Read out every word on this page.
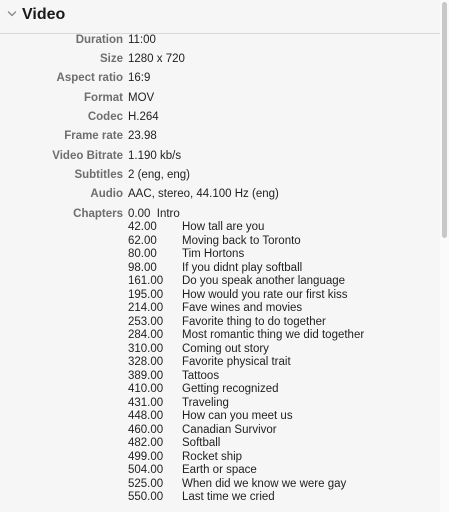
Video
Duration 11:00
Size 1280 x 720
Aspect ratio 16:9
Format MOV
Codec H.264
Frame rate 23.98
Video Bitrate 1.190 kb/s
Subtitles 2 (eng, eng)
Audio AAC, stereo, 44.100 Hz (eng)
Chapters 0.00  Intro
42.00 How tall are you
62.00 Moving back to Toronto
80.00 Tim Hortons
98.00 If you didnt play softball
161.00 Do you speak another language
195.00 How would you rate our first kiss
214.00 Fave wines and movies
253.00 Favorite thing to do together
284.00 Most romantic thing we did together
310.00 Coming out story
328.00 Favorite physical trait
389.00 Tattoos
410.00 Getting recognized
431.00 Traveling
448.00 How can you meet us
460.00 Canadian Survivor
482.00 Softball
499.00 Rocket ship
504.00 Earth or space
525.00 When did we know we were gay
550.00 Last time we cried
